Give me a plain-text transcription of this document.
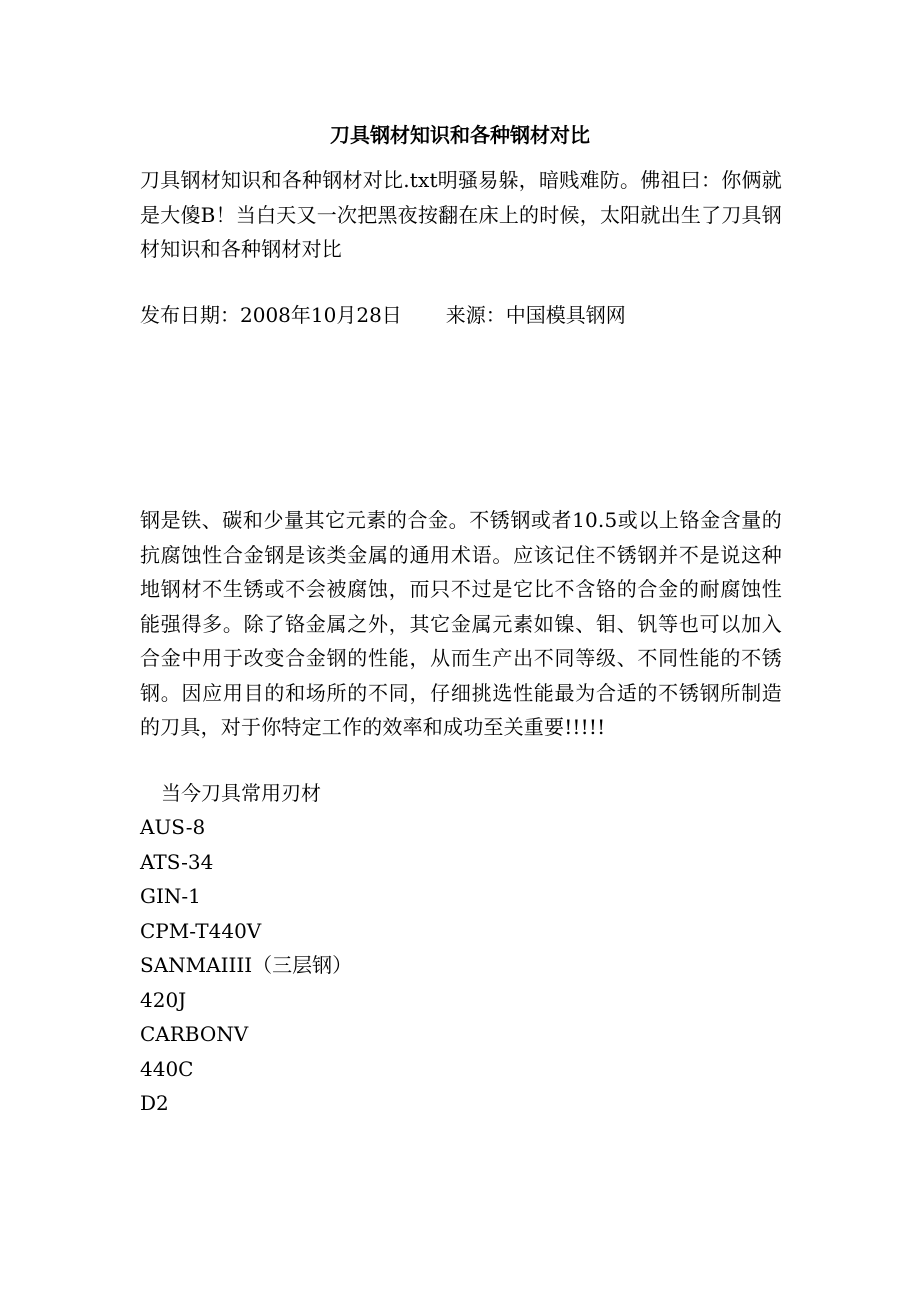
刀具钢材知识和各种钢材对比

刀具钢材知识和各种钢材对比.txt明骚易躲，暗贱难防。佛祖曰：你俩就是大傻B！当白天又一次把黑夜按翻在床上的时候，太阳就出生了刀具钢材知识和各种钢材对比

发布日期：2008年10月28日 来源：中国模具钢网

钢是铁、碳和少量其它元素的合金。不锈钢或者10.5或以上铬金含量的抗腐蚀性合金钢是该类金属的通用术语。应该记住不锈钢并不是说这种地钢材不生锈或不会被腐蚀，而只不过是它比不含铬的合金的耐腐蚀性能强得多。除了铬金属之外，其它金属元素如镍、钼、钒等也可以加入合金中用于改变合金钢的性能，从而生产出不同等级、不同性能的不锈钢。因应用目的和场所的不同，仔细挑选性能最为合适的不锈钢所制造的刀具，对于你特定工作的效率和成功至关重要!!!!!

当今刀具常用刃材

AUS-8
ATS-34
GIN-1
CPM-T440V
SANMAIIII（三层钢）
420J
CARBONV
440C
D2
